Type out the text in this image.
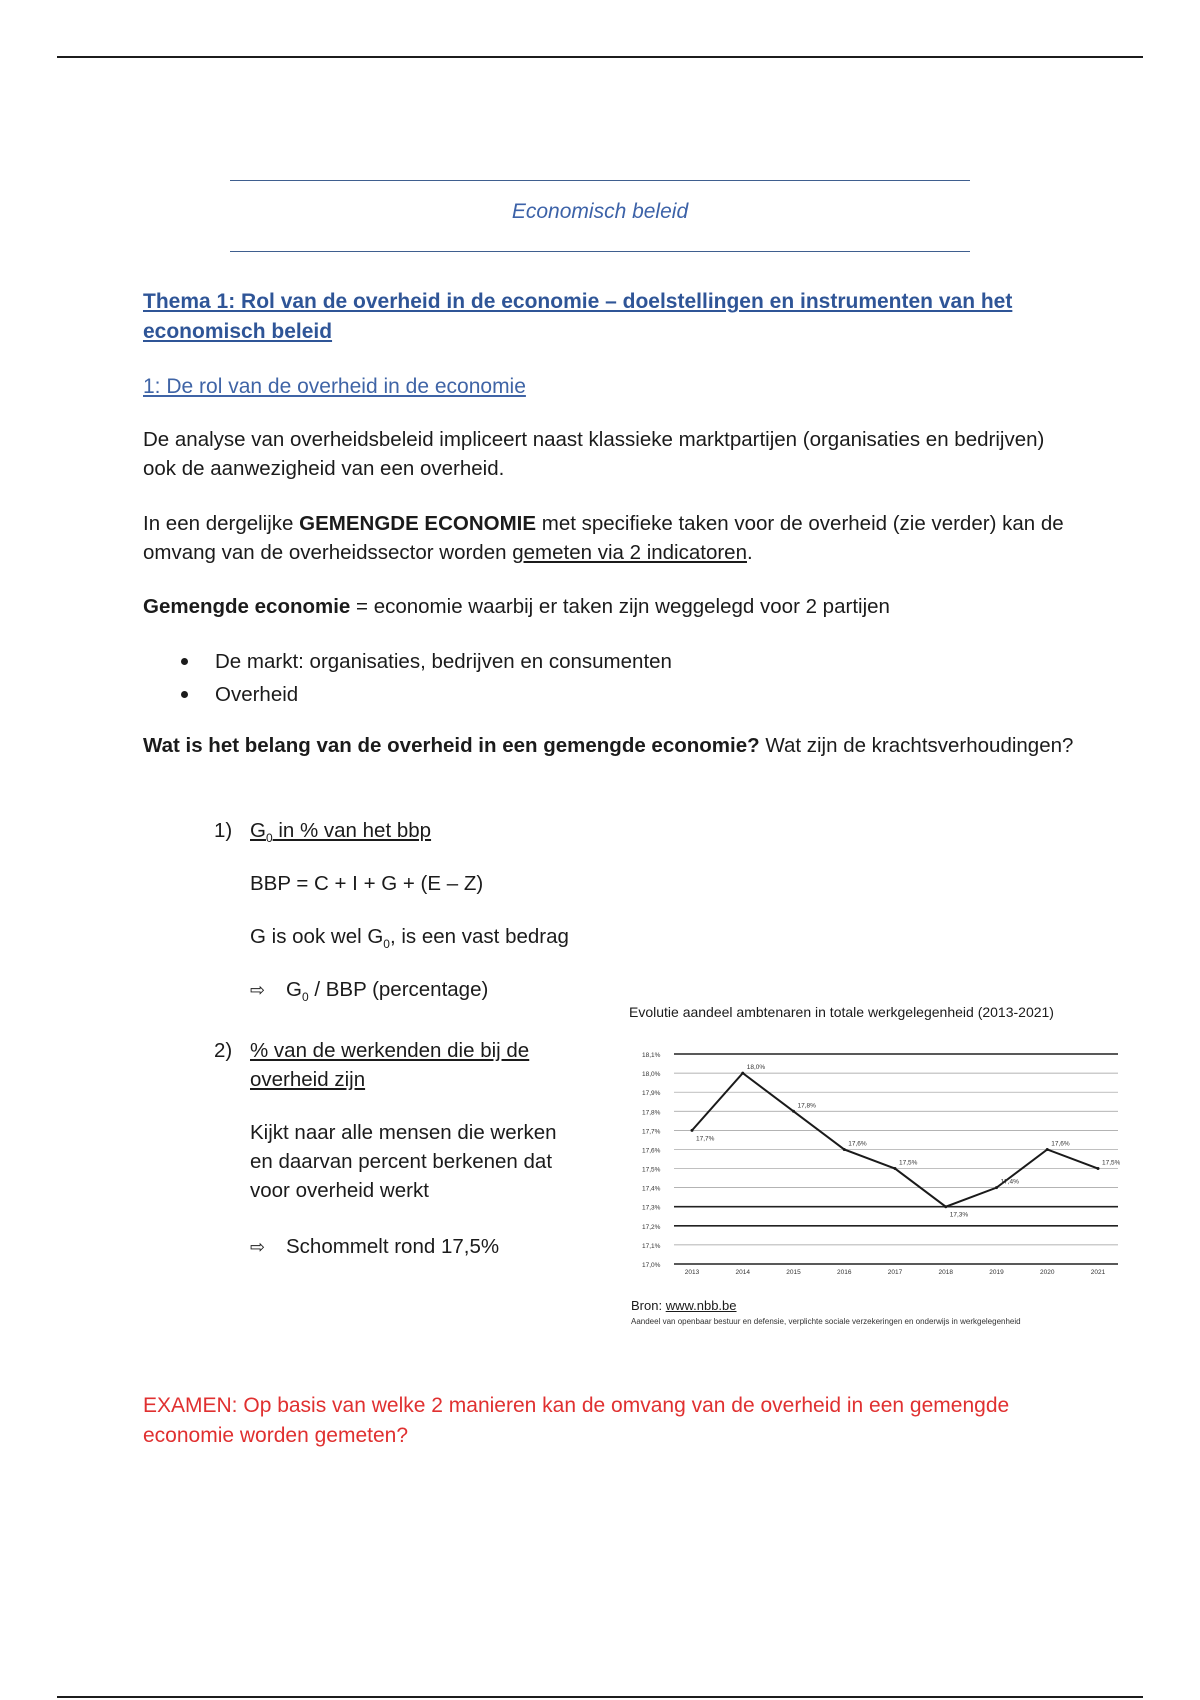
Economisch beleid
Thema 1: Rol van de overheid in de economie – doelstellingen en instrumenten van het economisch beleid
1: De rol van de overheid in de economie
De analyse van overheidsbeleid impliceert naast klassieke marktpartijen (organisaties en bedrijven) ook de aanwezigheid van een overheid.
In een dergelijke GEMENGDE ECONOMIE met specifieke taken voor de overheid (zie verder) kan de omvang van de overheidssector worden gemeten via 2 indicatoren.
Gemengde economie = economie waarbij er taken zijn weggelegd voor 2 partijen
De markt: organisaties, bedrijven en consumenten
Overheid
Wat is het belang van de overheid in een gemengde economie? Wat zijn de krachtsverhoudingen?
1) $G_0$ in % van het bbp
BBP = C + I + G + (E – Z)
G is ook wel $G_0$, is een vast bedrag
⇨ $G_0$ / BBP (percentage)
2) % van de werkenden die bij de
overheid zijn
Kijkt naar alle mensen die werken
en daarvan percent berkenen dat
voor overheid werkt
⇨ Schommelt rond 17,5%
Evolutie aandeel ambtenaren in totale werkgelegenheid (2013-2021)
17,0%
17,1%
17,2%
17,3%
17,4%
17,5%
17,6%
17,7%
17,8%
17,9%
18,0%
18,1%
2013	2014	2015	2016	2017	2018	2019	2020	2021
17,7%
18,0%
17,8%
17,6%
17,5%
17,3%
17,4%
17,6%
17,5%
Bron: www.nbb.be
Aandeel van openbaar bestuur en defensie, verplichte sociale verzekeringen en onderwijs in werkgelegenheid
EXAMEN: Op basis van welke 2 manieren kan de omvang van de overheid in een gemengde economie worden gemeten?
